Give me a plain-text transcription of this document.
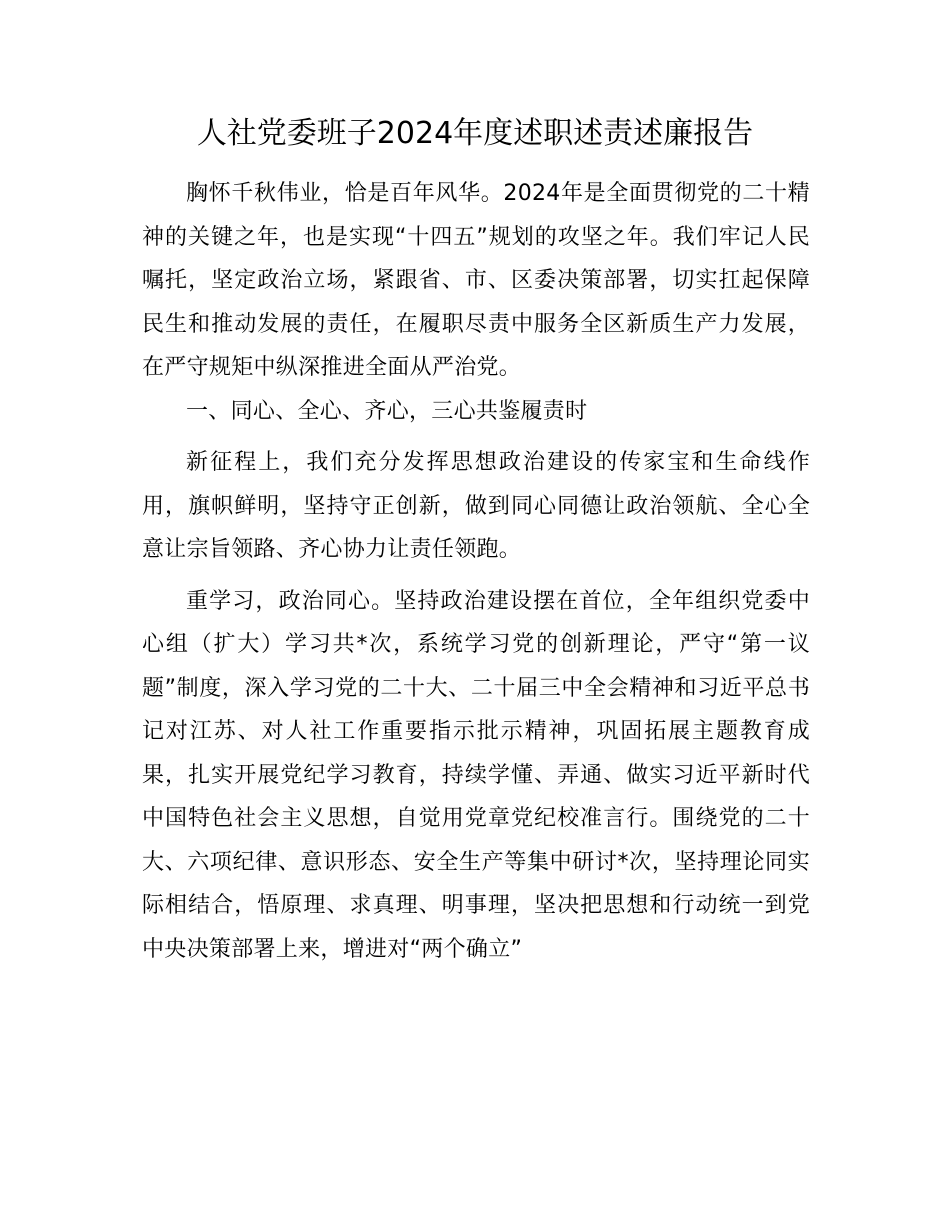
人社党委班子2024年度述职述责述廉报告

胸怀千秋伟业，恰是百年风华。2024年是全面贯彻党的二十精神的关键之年，也是实现“十四五”规划的攻坚之年。我们牢记人民嘱托，坚定政治立场，紧跟省、市、区委决策部署，切实扛起保障民生和推动发展的责任，在履职尽责中服务全区新质生产力发展，在严守规矩中纵深推进全面从严治党。

一、同心、全心、齐心，三心共鉴履责时

新征程上，我们充分发挥思想政治建设的传家宝和生命线作用，旗帜鲜明，坚持守正创新，做到同心同德让政治领航、全心全意让宗旨领路、齐心协力让责任领跑。

重学习，政治同心。坚持政治建设摆在首位，全年组织党委中心组（扩大）学习共*次，系统学习党的创新理论，严守“第一议题”制度，深入学习党的二十大、二十届三中全会精神和习近平总书记对江苏、对人社工作重要指示批示精神，巩固拓展主题教育成果，扎实开展党纪学习教育，持续学懂、弄通、做实习近平新时代中国特色社会主义思想，自觉用党章党纪校准言行。围绕党的二十大、六项纪律、意识形态、安全生产等集中研讨*次，坚持理论同实际相结合，悟原理、求真理、明事理，坚决把思想和行动统一到党中央决策部署上来，增进对“两个确立”
